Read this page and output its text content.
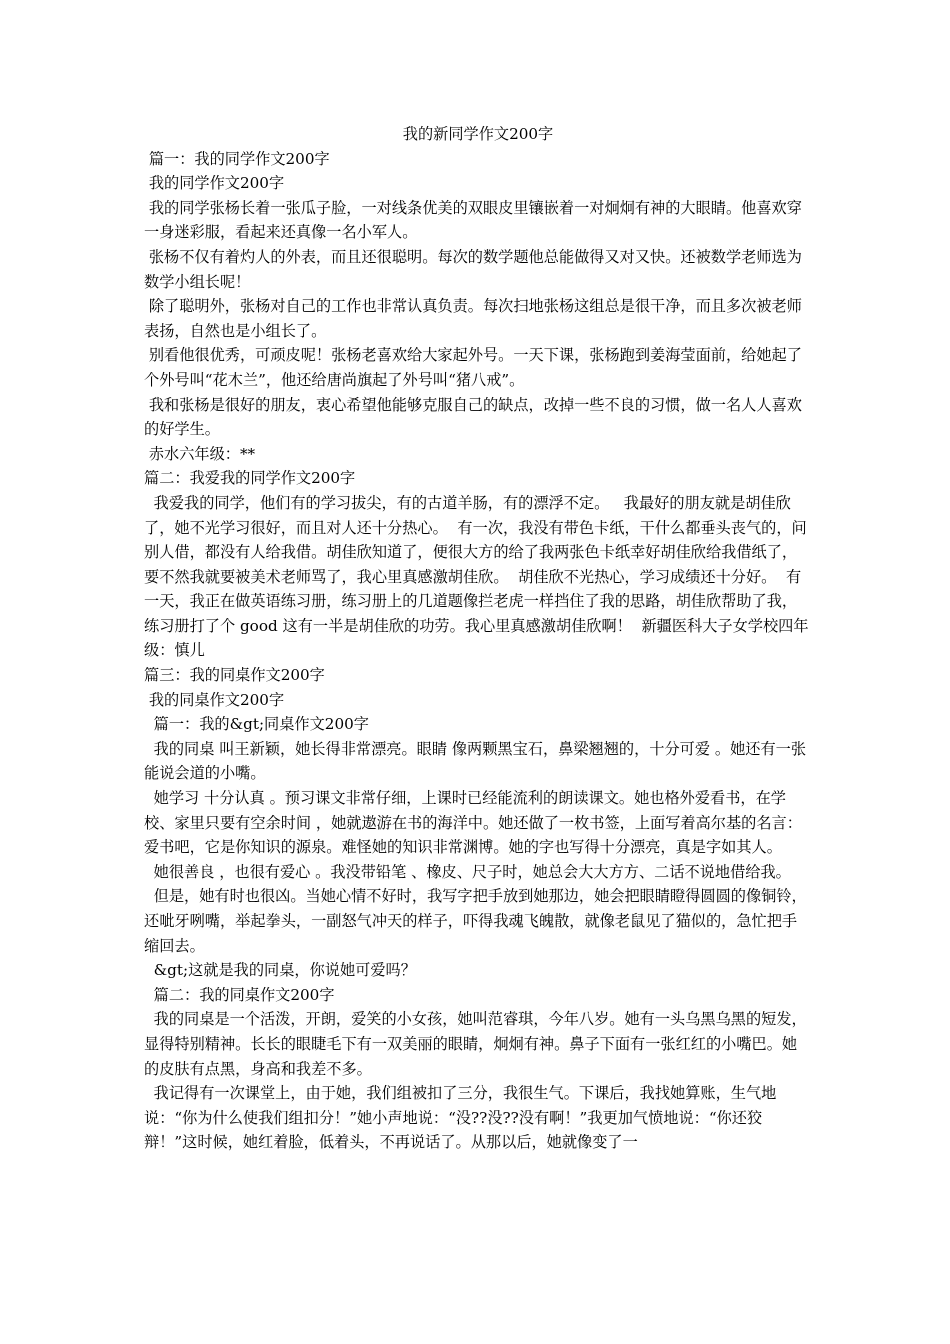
我的新同学作文200字

篇一：我的同学作文200字

我的同学作文200字

我的同学张杨长着一张瓜子脸，一对线条优美的双眼皮里镶嵌着一对炯炯有神的大眼睛。他喜欢穿一身迷彩服，看起来还真像一名小军人。

张杨不仅有着灼人的外表，而且还很聪明。每次的数学题他总能做得又对又快。还被数学老师选为数学小组长呢！

除了聪明外，张杨对自己的工作也非常认真负责。每次扫地张杨这组总是很干净，而且多次被老师表扬，自然也是小组长了。

别看他很优秀，可顽皮呢！张杨老喜欢给大家起外号。一天下课，张杨跑到姜海莹面前，给她起了个外号叫“花木兰”，他还给唐尚旗起了外号叫“猪八戒”。

我和张杨是很好的朋友，衷心希望他能够克服自己的缺点，改掉一些不良的习惯，做一名人人喜欢的好学生。

赤水六年级：**

篇二：我爱我的同学作文200字

我爱我的同学，他们有的学习拔尖，有的古道羊肠，有的漂浮不定。   我最好的朋友就是胡佳欣了，她不光学习很好，而且对人还十分热心。  有一次，我没有带色卡纸，干什么都垂头丧气的，问别人借，都没有人给我借。胡佳欣知道了，便很大方的给了我两张色卡纸幸好胡佳欣给我借纸了，要不然我就要被美术老师骂了，我心里真感激胡佳欣。  胡佳欣不光热心，学习成绩还十分好。  有一天，我正在做英语练习册，练习册上的几道题像拦老虎一样挡住了我的思路，胡佳欣帮助了我，练习册打了个 good 这有一半是胡佳欣的功劳。我心里真感激胡佳欣啊！  新疆医科大子女学校四年级：慎儿

篇三：我的同桌作文200字

我的同桌作文200字

篇一：我的&gt;同桌作文200字

我的同桌 叫王新颖，她长得非常漂亮。眼睛 像两颗黑宝石，鼻梁翘翘的，十分可爱 。她还有一张能说会道的小嘴。

她学习 十分认真 。预习课文非常仔细，上课时已经能流利的朗读课文。她也格外爱看书，在学校、家里只要有空余时间 ，她就遨游在书的海洋中。她还做了一枚书签，上面写着高尔基的名言：爱书吧，它是你知识的源泉。难怪她的知识非常渊博。她的字也写得十分漂亮，真是字如其人。

她很善良 ，也很有爱心 。我没带铅笔 、橡皮、尺子时，她总会大大方方、二话不说地借给我。

但是，她有时也很凶。当她心情不好时，我写字把手放到她那边，她会把眼睛瞪得圆圆的像铜铃，还呲牙咧嘴，举起拳头，一副怒气冲天的样子，吓得我魂飞魄散，就像老鼠见了猫似的，急忙把手缩回去。

&gt;这就是我的同桌，你说她可爱吗？

篇二：我的同桌作文200字

我的同桌是一个活泼，开朗，爱笑的小女孩，她叫范睿琪，今年八岁。她有一头乌黑乌黑的短发，显得特别精神。长长的眼睫毛下有一双美丽的眼睛，炯炯有神。鼻子下面有一张红红的小嘴巴。她的皮肤有点黑，身高和我差不多。

我记得有一次课堂上，由于她，我们组被扣了三分，我很生气。下课后，我找她算账，生气地说：“你为什么使我们组扣分！”她小声地说：“没??没??没有啊！”我更加气愤地说：“你还狡辩！”这时候，她红着脸，低着头，不再说话了。从那以后，她就像变了一
